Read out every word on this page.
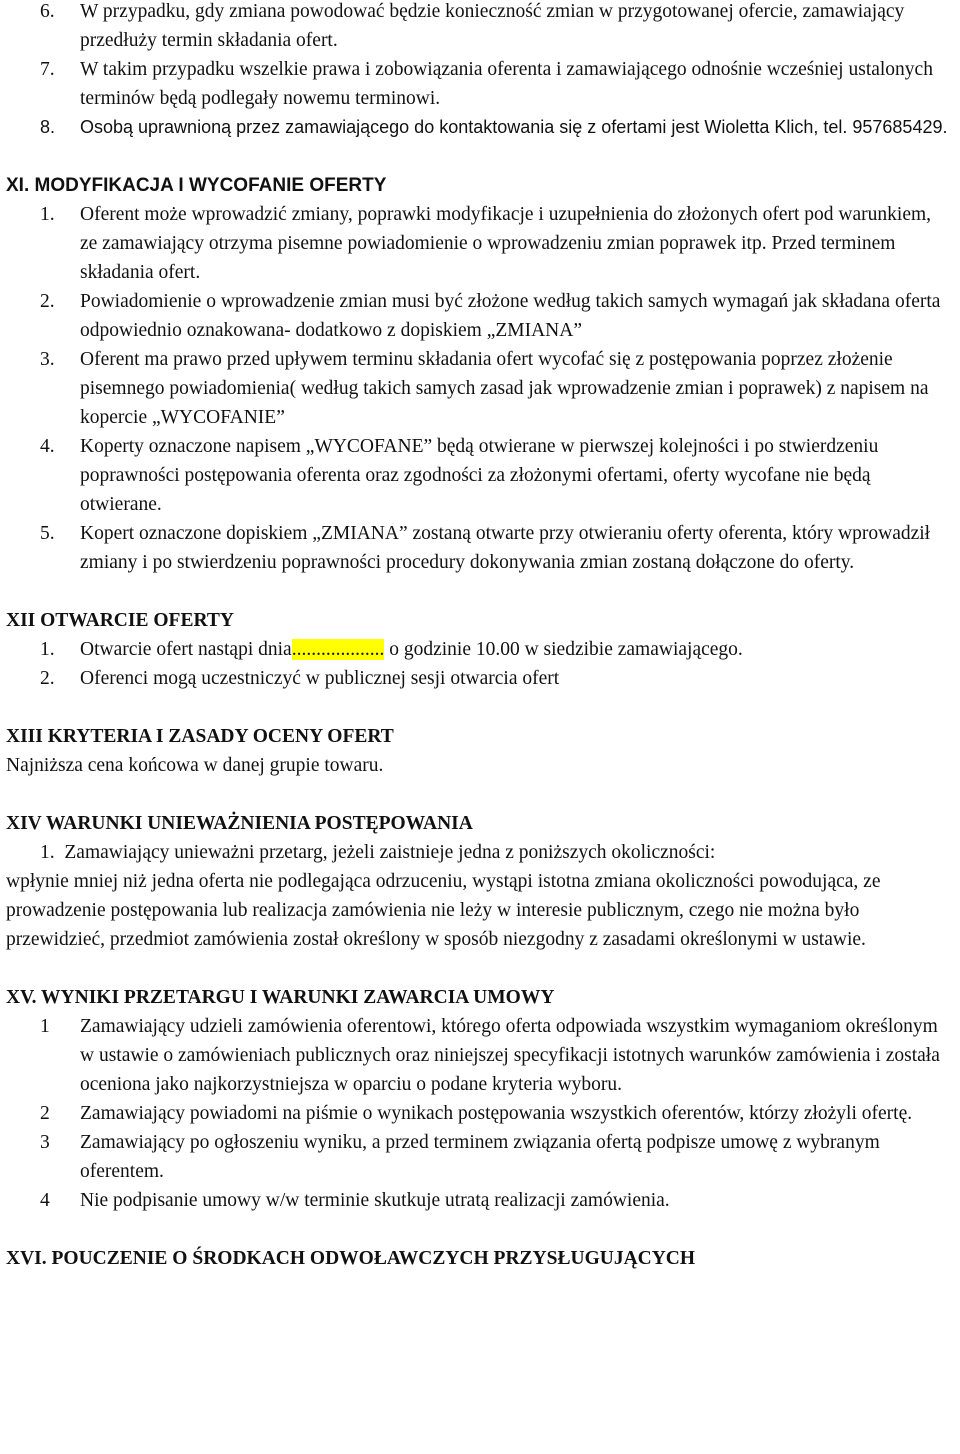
6. W przypadku, gdy zmiana powodować będzie konieczność zmian w przygotowanej ofercie, zamawiający przedłuży termin składania ofert.
7. W takim przypadku wszelkie prawa i zobowiązania oferenta i zamawiającego odnośnie wcześniej ustalonych terminów będą podlegały nowemu terminowi.
8. Osobą uprawnioną przez zamawiającego do kontaktowania się z ofertami jest Wioletta Klich, tel. 957685429.
XI. MODYFIKACJA I WYCOFANIE OFERTY
1. Oferent może wprowadzić zmiany, poprawki modyfikacje i uzupełnienia do złożonych ofert pod warunkiem, ze zamawiający otrzyma pisemne powiadomienie o wprowadzeniu zmian poprawek itp. Przed terminem składania ofert.
2. Powiadomienie o wprowadzenie zmian musi być złożone według takich samych wymagań jak składana oferta odpowiednio oznakowana- dodatkowo z dopiskiem „ZMIANA”
3. Oferent ma prawo przed upływem terminu składania ofert wycofać się z postępowania poprzez złożenie pisemnego powiadomienia( według takich samych zasad jak wprowadzenie zmian i poprawek) z napisem na kopercie „WYCOFANIE”
4. Koperty oznaczone napisem „WYCOFANE” będą otwierane w pierwszej kolejności i po stwierdzeniu poprawności postępowania oferenta oraz zgodności za złożonymi ofertami, oferty wycofane nie będą otwierane.
5. Kopert oznaczone dopiskiem „ZMIANA” zostaną otwarte przy otwieraniu oferty oferenta, który wprowadził zmiany i po stwierdzeniu poprawności procedury dokonywania zmian zostaną dołączone do oferty.
XII OTWARCIE OFERTY
1. Otwarcie ofert nastąpi dnia................... o godzinie 10.00 w siedzibie zamawiającego.
2. Oferenci mogą uczestniczyć w publicznej sesji otwarcia ofert
XIII KRYTERIA I ZASADY OCENY OFERT
Najniższa cena końcowa w danej grupie towaru.
XIV WARUNKI UNIEWAŻNIENIA POSTĘPOWANIA
1. Zamawiający unieważni przetarg, jeżeli zaistnieje jedna z poniższych okoliczności:
wpłynie mniej niż jedna oferta nie podlegająca odrzuceniu, wystąpi istotna zmiana okoliczności powodująca, ze prowadzenie postępowania lub realizacja zamówienia nie leży w interesie publicznym, czego nie można było przewidzieć, przedmiot zamówienia został określony w sposób niezgodny z zasadami określonymi w ustawie.
XV. WYNIKI PRZETARGU I WARUNKI ZAWARCIA UMOWY
1 Zamawiający udzieli zamówienia oferentowi, którego oferta odpowiada wszystkim wymaganiom określonym w ustawie o zamówieniach publicznych oraz niniejszej specyfikacji istotnych warunków zamówienia i została oceniona jako najkorzystniejsza w oparciu o podane kryteria wyboru.
2 Zamawiający powiadomi na piśmie o wynikach postępowania wszystkich oferentów, którzy złożyli ofertę.
3 Zamawiający po ogłoszeniu wyniku, a przed terminem związania ofertą podpisze umowę z wybranym oferentem.
4 Nie podpisanie umowy w/w terminie skutkuje utratą realizacji zamówienia.
XVI. POUCZENIE O ŚRODKACH ODWOŁAWCZYCH PRZYSŁUGUJĄCYCH
